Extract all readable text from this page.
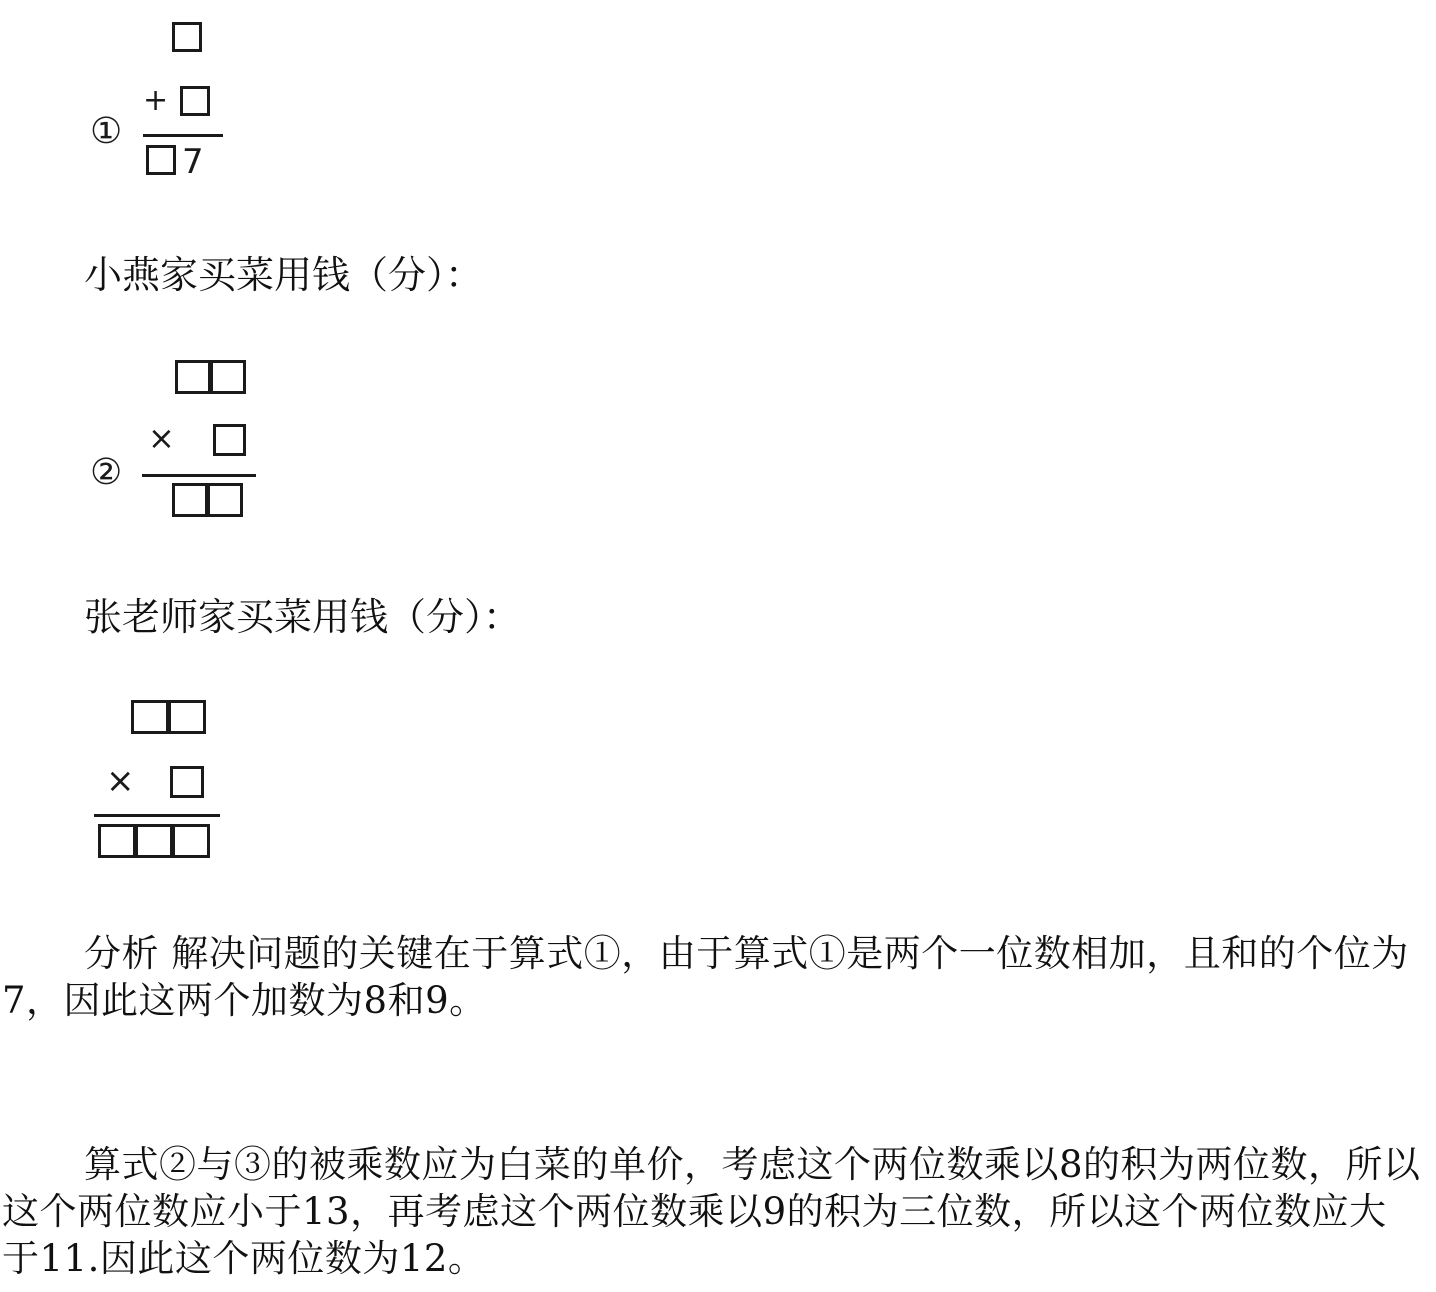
+
①
7
小燕家买菜用钱（分）：
×
②
张老师家买菜用钱（分）：
×
分析 解决问题的关键在于算式①，由于算式①是两个一位数相加，且和的个位为7，因此这两个加数为8和9。
算式②与③的被乘数应为白菜的单价，考虑这个两位数乘以8的积为两位数，所以这个两位数应小于13，再考虑这个两位数乘以9的积为三位数，所以这个两位数应大于11.因此这个两位数为12。
